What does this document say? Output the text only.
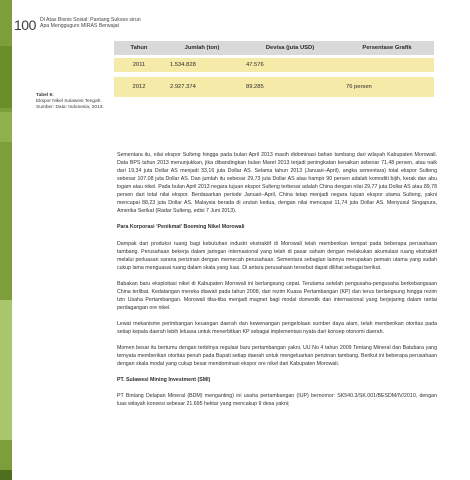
100 Di Atas Bisnis Sosial: Pantang Sukses sirun Apa Menggugurs MIRAS Berwajat
Tahun	Jumlah (ton)	Devisa (juta USD)	Persentase Grafik
2011	1.534.828	47.576
2012	2.927.374	89.285	76 persen
Tabel 6:
Ekspor Nikel Sulawesi Tengah. Sumber: Data: Indonesia, 2013.

Sementara itu, nilai ekspor Sulteng hingga pada bulan April 2013 masih didominasi bahan tambang dari wilayah Kabupaten Morowali. Data BPS tahun 2013 menunjukkan, jika dibandingkan bulan Maret 2013 terjadi peningkatan kenaikan sebesar 71,48 persen, atau naik dari 19,34 juta Dollar AS menjadi 33,16 juta Dollar AS. Selama tahun 2013 (Januari–April), angka sementara) total ekspor Sulteng sebesar 107,08 juta Dollar AS. Dan jumlah itu sebesar 29,73 juta Dollar AS atau hampir 90 persen adalah komoditi bijih, kerak dan abu logam atau nikel. Pada bulan April 2013 negara tujuan ekspor Sulteng terbesar adalah China dengan nilai 29,77 juta Dollar AS atau 89,78 persen dari total nilai ekspor. Berdasarkan periode Januari–April, China tetap menjadi negara tujuan ekspor utama Sulteng, yakni mencapai 88,23 juta Dollar AS. Malaysia berada di urutan kedua, dengan nilai mencapai 11,74 juta Dollar AS. Menyusul Singapura, Amerika Serikat (Radar Sulteng, edisi 7 Juni 2013).

Para Korporasi ‘Penikmat’ Booming Nikel Morowali

Dampak dari produksi ruang bagi kebutuhan industri ekstraktif di Morowali telah memberikan tempat pada beberapa perusahaan tambang. Perusahaan bekerja dalam jaringan internasional yang telah di pasar saham dengan melakukan akumulasi ruang ekstraktif melalui perluasan sarana perizinan dengan memecah perusahaan. Sementara sebagian lainnya merupakan pemain utama yang sudah cukup lama menguasai ruang dalam skala yang luas. Di antara perusahaan tersebut dapat dilihat sebagai berikut.

Babakan baru eksploitasi nikel di Kabupaten Morowali ini berlangsung cepat. Terutama setelah pengusaha-pengusaha berkebangsaan China terlibat. Kedatangan mereka diawali pada tahun 2008, dari rezim Kuasa Pertambangan (KP) dan terus berlangsung hingga rezim Izin Usaha Pertambangan. Morowali tiba-tiba menjadi magnet bagi modal domestik dan internasional yang berjejaring dalam rantai perdagangan ore nikel.

Lewat mekanisme perimbangan keuangan daerah dan kewenangan pengelolaan sumber daya alam, telah memberikan otoritas pada setiap kepala daerah lebih leluasa untuk menerbitkan KP sebagai implementasi nyata dari konsep otonomi daerah.

Momen besar itu bertumu dengan terbitnya regulasi baru pertambangan yakni, UU No 4 tahun 2009 Tentang Mineral dan Batubara yang ternyata memberikan otoritas penuh pada Bupati setiap daerah untuk mengeluarkan perizinan tambang. Berikut ini beberapa perusahaan dengan skala modal yang cukup besar mendominasi ekspor ore nikel dari Kabupaten Morowali.

PT. Sulawesi Mining Investment (SMI)

PT Bintang Delapan Mineral (BDM) menganting) ini usaha pertambangan (IUP) bernomor: SK540.3/SK.001/BESDM/IV/2010, dengan luas wilayah konsesi sebesar 21.695 hektar yang mencakup 9 desa yakni;
